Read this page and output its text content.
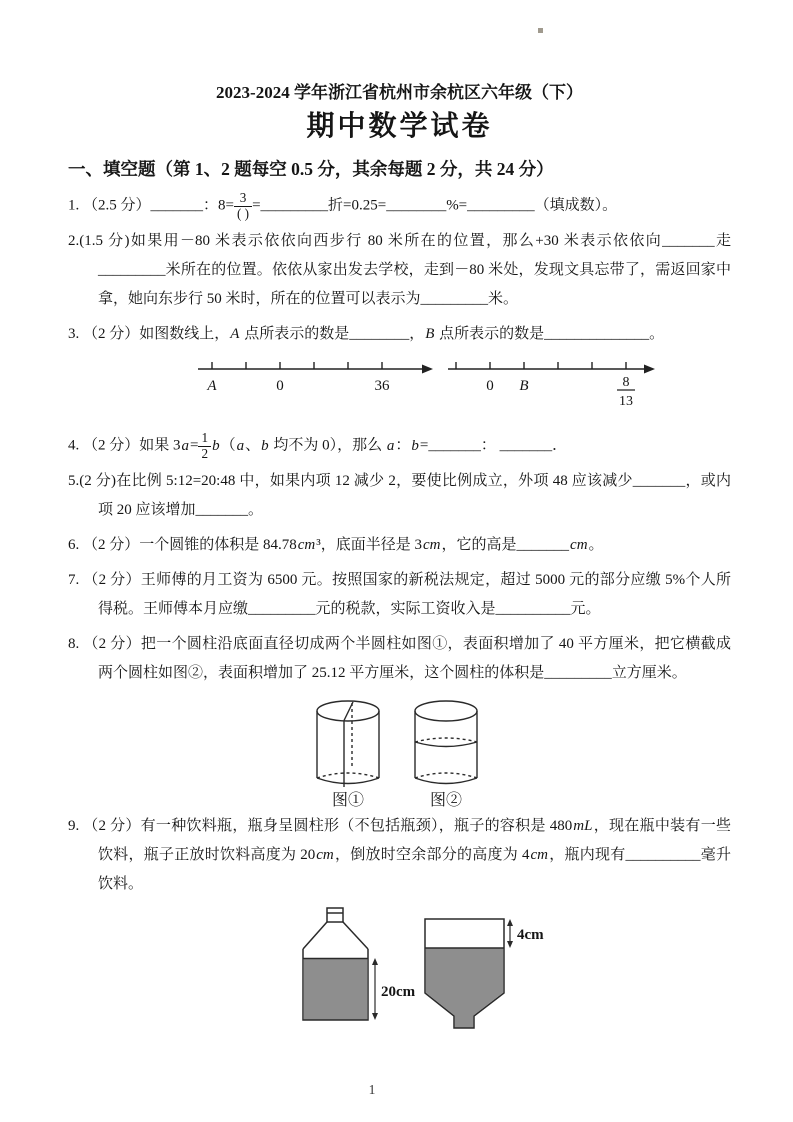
2023-2024 学年浙江省杭州市余杭区六年级（下）
期中数学试卷
一、填空题（第 1、2 题每空 0.5 分，其余每题 2 分，共 24 分）
1. （2.5 分）_______：$8= \frac{3}{( )}$ =_________折=0.25=________%=_________（填成数）。
2.(1.5 分)如果用－80 米表示依依向西步行 80 米所在的位置，那么+30 米表示依依向_______走_________米所在的位置。依依从家出发去学校，走到－80 米处，发现文具忘带了，需返回家中拿，她向东步行 50 米时，所在的位置可以表示为_________米。
3. （2 分）如图数线上，A 点所表示的数是________，B 点所表示的数是______________。
A	0	36	0 B	8
13
4. （2 分）如果 $3a= \frac{1}{2} b(a$、b 均不为 0），那么 a：b=_______： _______．
5.(2 分)在比例 5:12=20:48 中，如果内项 12 减少 2，要使比例成立，外项 48 应该减少_______，或内项 20 应该增加_______。
6. （2 分）一个圆锥的体积是 84.78cm³，底面半径是 3cm，它的高是_______cm。
7. （2 分）王师傅的月工资为 6500 元。按照国家的新税法规定，超过 5000 元的部分应缴 5%个人所得税。王师傅本月应缴_________元的税款，实际工资收入是__________元。
8. （2 分）把一个圆柱沿底面直径切成两个半圆柱如图①，表面积增加了 40 平方厘米，把它横截成两个圆柱如图②，表面积增加了 25.12 平方厘米，这个圆柱的体积是_________立方厘米。
图①	图②
9. （2 分）有一种饮料瓶，瓶身呈圆柱形（不包括瓶颈），瓶子的容积是 480mL，现在瓶中装有一些饮料，瓶子正放时饮料高度为 20cm，倒放时空余部分的高度为 4cm，瓶内现有__________毫升饮料。
20cm
4cm
1
